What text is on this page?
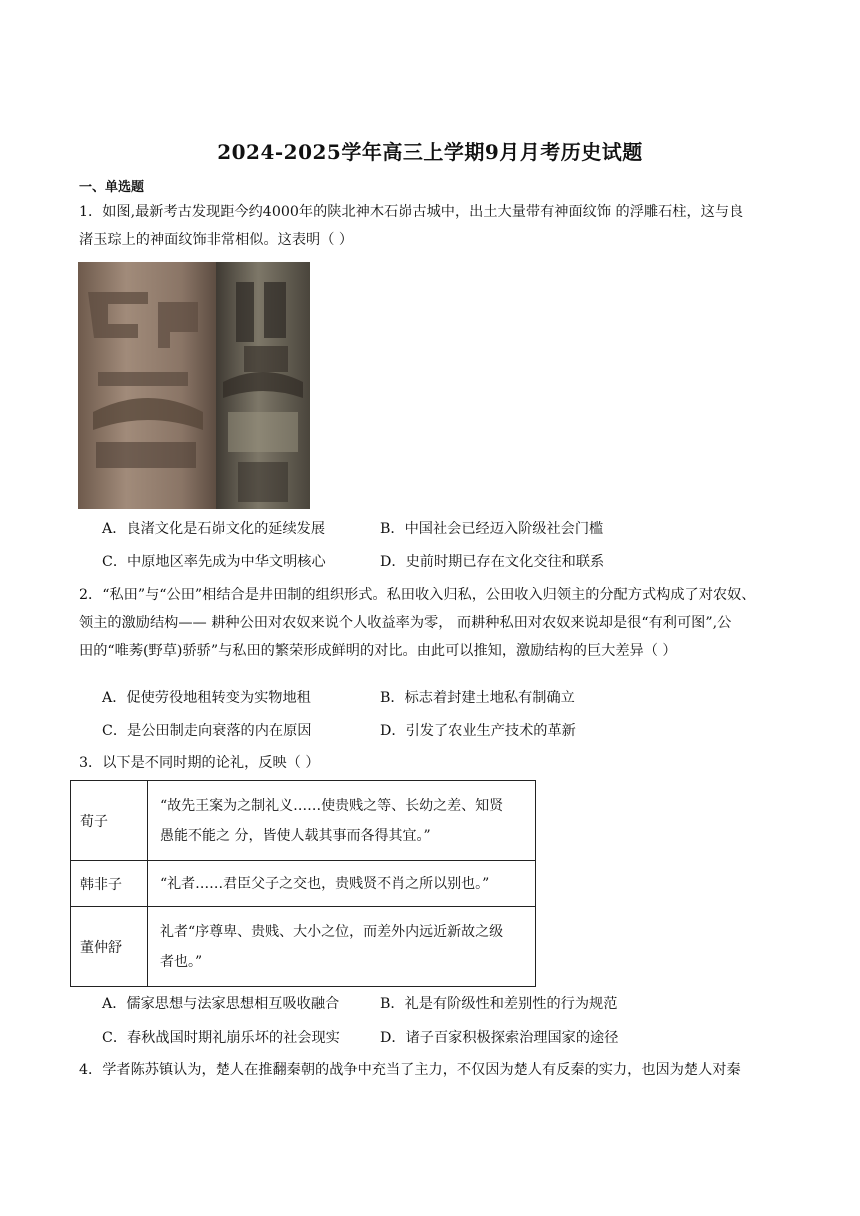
2024-2025学年高三上学期9月月考历史试题
一、单选题
1．如图,最新考古发现距今约4000年的陕北神木石峁古城中，出土大量带有神面纹饰 的浮雕石柱，这与良
渚玉琮上的神面纹饰非常相似。这表明（ ）
A．良渚文化是石峁文化的延续发展	B．中国社会已经迈入阶级社会门槛
C．中原地区率先成为中华文明核心	D．史前时期已存在文化交往和联系
2．“私田”与“公田”相结合是井田制的组织形式。私田收入归私，公田收入归领主的分配方式构成了对农奴、
领主的激励结构—— 耕种公田对农奴来说个人收益率为零， 而耕种私田对农奴来说却是很“有利可图”,公
田的“唯莠(野草)骄骄”与私田的繁荣形成鲜明的对比。由此可以推知，激励结构的巨大差异（ ）
A．促使劳役地租转变为实物地租	B．标志着封建土地私有制确立
C．是公田制走向衰落的内在原因	D．引发了农业生产技术的革新
3．以下是不同时期的论礼，反映（ ）
荀子	“故先王案为之制礼义……使贵贱之等、长幼之差、知贤
愚能不能之 分，皆使人载其事而各得其宜。”

韩非子	“礼者……君臣父子之交也，贵贱贤不肖之所以别也。”

董仲舒	礼者“序尊卑、贵贱、大小之位，而差外内远近新故之级
者也。”
A．儒家思想与法家思想相互吸收融合	B．礼是有阶级性和差别性的行为规范
C．春秋战国时期礼崩乐坏的社会现实	D．诸子百家积极探索治理国家的途径
4．学者陈苏镇认为，楚人在推翻秦朝的战争中充当了主力，不仅因为楚人有反秦的实力，也因为楚人对秦
